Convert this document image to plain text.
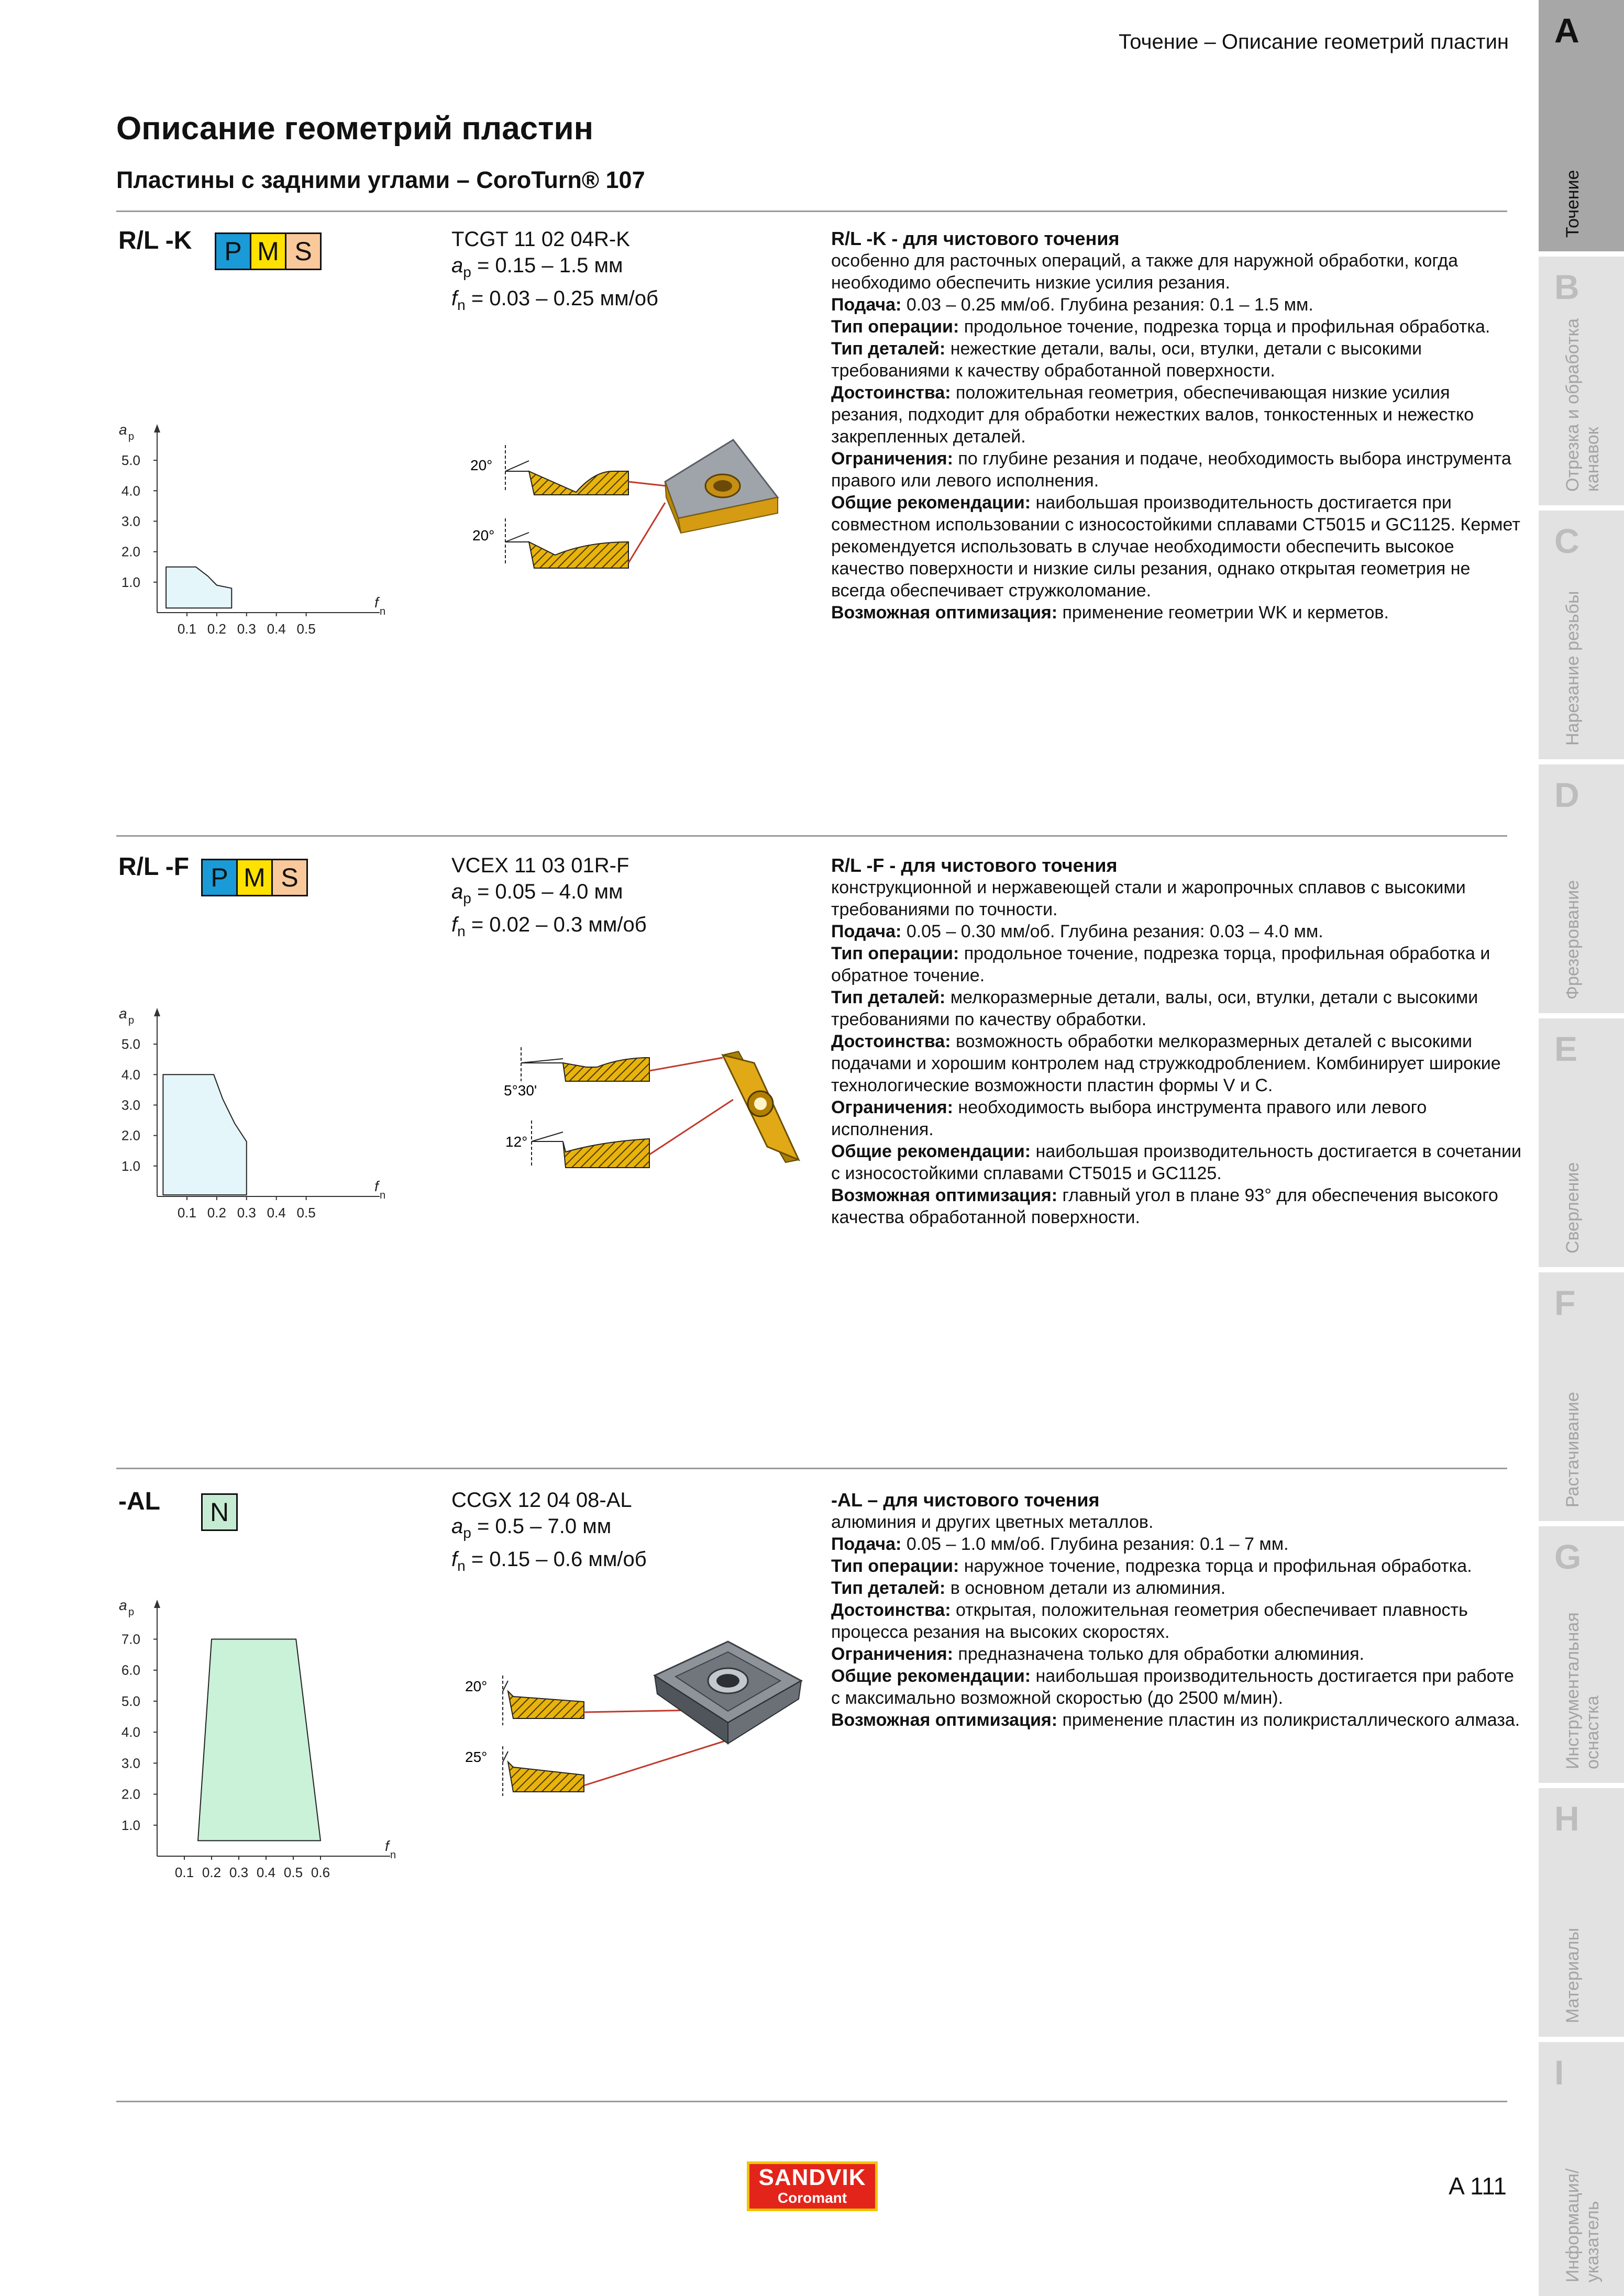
Точение – Описание геометрий пластин
Описание геометрий пластин
Пластины с задними углами – CoroTurn® 107
A
Точение
B
Отрезка и обработка канавок
C
Нарезание резьбы
D
Фрезерование
E
Сверление
F
Растачивание
G
Инструментальная оснастка
H
Материалы
I
Информация/ указатель
R/L -K	P M S	TCGT 11 02 04R-K
$a_p = 0.15 - 1.5$ мм
$f_n = 0.03 - 0.25$ мм/об
0.1 0.2 0.3 0.4 0.5
1.0
2.0
3.0
4.0
5.0
a p
f
n
20°
20°

R/L -K - для чистового точения

особенно для расточных операций, а также для наружной обработки, когда необходимо обеспечить низкие усилия резания.

Подача: 0.03 – 0.25 мм/об. Глубина резания: 0.1 – 1.5 мм.

Тип операции: продольное точение, подрезка торца и профильная обработка.

Тип деталей: нежесткие детали, валы, оси, втулки, детали с высокими требованиями к качеству обработанной поверхности.

Достоинства: положительная геометрия, обеспечивающая низкие усилия резания, подходит для обработки нежестких валов, тонкостенных и нежестко закрепленных деталей.

Ограничения: по глубине резания и подаче, необходимость выбора инструмента правого или левого исполнения.

Общие рекомендации: наибольшая производительность достигается при совместном использовании с износостойкими сплавами CT5015 и GC1125. Кермет рекомендуется использовать в случае необходимости обеспечить высокое качество поверхности и низкие силы резания, однако открытая геометрия не всегда обеспечивает стружколомание.

Возможная оптимизация: применение геометрии WK и керметов.

R/L -F P M S	VCEX 11 03 01R-F
$a_p = 0.05 - 4.0$ мм
$f_n = 0.02 - 0.3$ мм/об
0.1 0.2 0.3 0.4 0.5
1.0
2.0
3.0
4.0
5.0
a p
f
n
5°30'
12°

R/L -F - для чистового точения

конструкционной и нержавеющей стали и жаропрочных сплавов с высокими требованиями по точности.

Подача: 0.05 – 0.30 мм/об. Глубина резания: 0.03 – 4.0 мм.

Тип операции: продольное точение, подрезка торца, профильная обработка и обратное точение.

Тип деталей: мелкоразмерные детали, валы, оси, втулки, детали с высокими требованиями по качеству обработки.

Достоинства: возможность обработки мелкоразмерных деталей с высокими подачами и хорошим контролем над стружкодроблением. Комбинирует широкие технологические возможности пластин формы V и C.

Ограничения: необходимость выбора инструмента правого или левого исполнения.

Общие рекомендации: наибольшая производительность достигается в сочетании с износостойкими сплавами CT5015 и GC1125.

Возможная оптимизация: главный угол в плане 93° для обеспечения высокого качества обработанной поверхности.

-AL	N	CCGX 12 04 08-AL
$a_p = 0.5 - 7.0$ мм
$f_n = 0.15 - 0.6$ мм/об
0.1 0.2 0.3 0.4 0.5 0.6
1.0
2.0
3.0
4.0
5.0
6.0
7.0
a p
f
n
20°
25°

-AL – для чистового точения

алюминия и других цветных металлов.

Подача: 0.05 – 1.0 мм/об. Глубина резания: 0.1 – 7 мм.

Тип операции: наружное точение, подрезка торца и профильная обработка.

Тип деталей: в основном детали из алюминия.

Достоинства: открытая, положительная геометрия обеспечивает плавность процесса резания на высоких скоростях.

Ограничения: предназначена только для обработки алюминия.

Общие рекомендации: наибольшая производительность достигается при работе с максимально возможной скоростью (до 2500 м/мин).

Возможная оптимизация: применение пластин из поликристаллического алмаза.

SANDVIK
Coromant	A 111
